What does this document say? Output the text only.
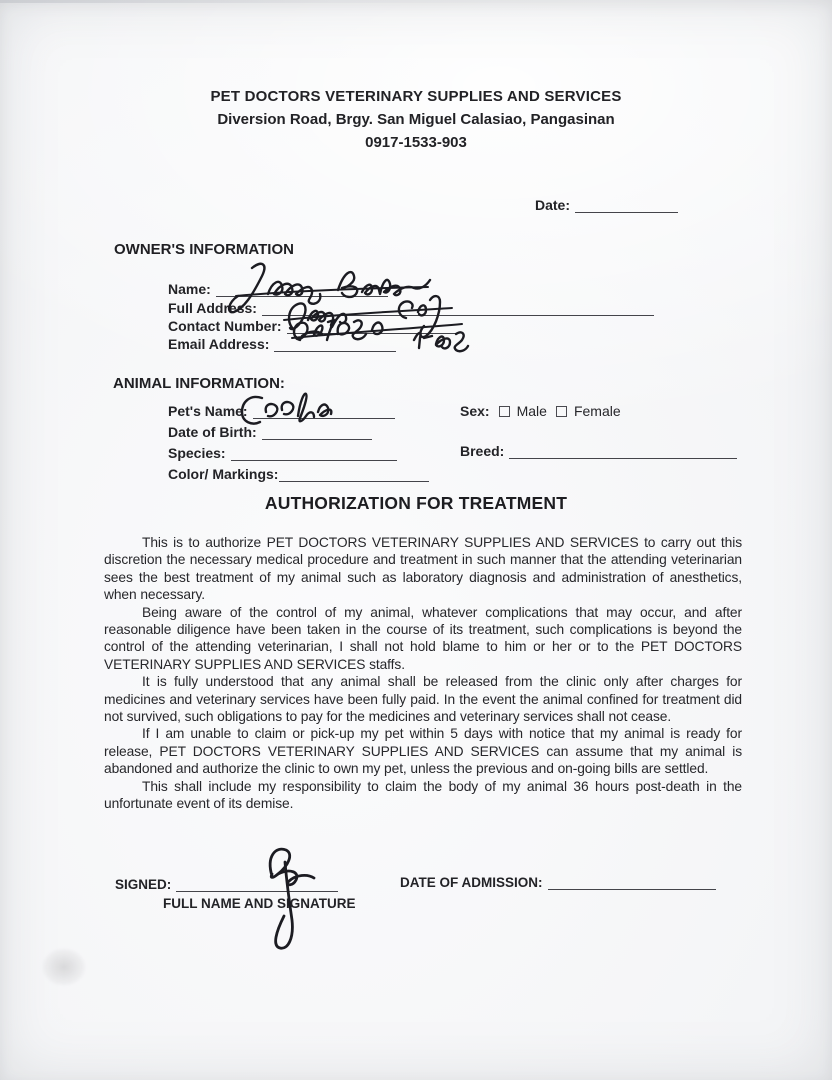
PET DOCTORS VETERINARY SUPPLIES AND SERVICES
Diversion Road, Brgy. San Miguel Calasiao, Pangasinan
0917-1533-903
Date:
OWNER'S INFORMATION
Name:
Full Address:
Contact Number:
Email Address:
ANIMAL INFORMATION:
Pet's Name:	Sex: Male Female
Date of Birth:
Species:	Breed:
Color/ Markings:
AUTHORIZATION FOR TREATMENT

This is to authorize PET DOCTORS VETERINARY SUPPLIES AND SERVICES to carry out this discretion the necessary medical procedure and treatment in such manner that the attending veterinarian sees the best treatment of my animal such as laboratory diagnosis and administration of anesthetics, when necessary.

Being aware of the control of my animal, whatever complications that may occur, and after reasonable diligence have been taken in the course of its treatment, such complications is beyond the control of the attending veterinarian, I shall not hold blame to him or her or to the PET DOCTORS VETERINARY SUPPLIES AND SERVICES staffs.

It is fully understood that any animal shall be released from the clinic only after charges for medicines and veterinary services have been fully paid. In the event the animal confined for treatment did not survived, such obligations to pay for the medicines and veterinary services shall not cease.

If I am unable to claim or pick-up my pet within 5 days with notice that my animal is ready for release, PET DOCTORS VETERINARY SUPPLIES AND SERVICES can assume that my animal is abandoned and authorize the clinic to own my pet, unless the previous and on-going bills are settled.

This shall include my responsibility to claim the body of my animal 36 hours post-death in the unfortunate event of its demise.

SIGNED:
FULL NAME AND SIGNATURE
DATE OF ADMISSION:
